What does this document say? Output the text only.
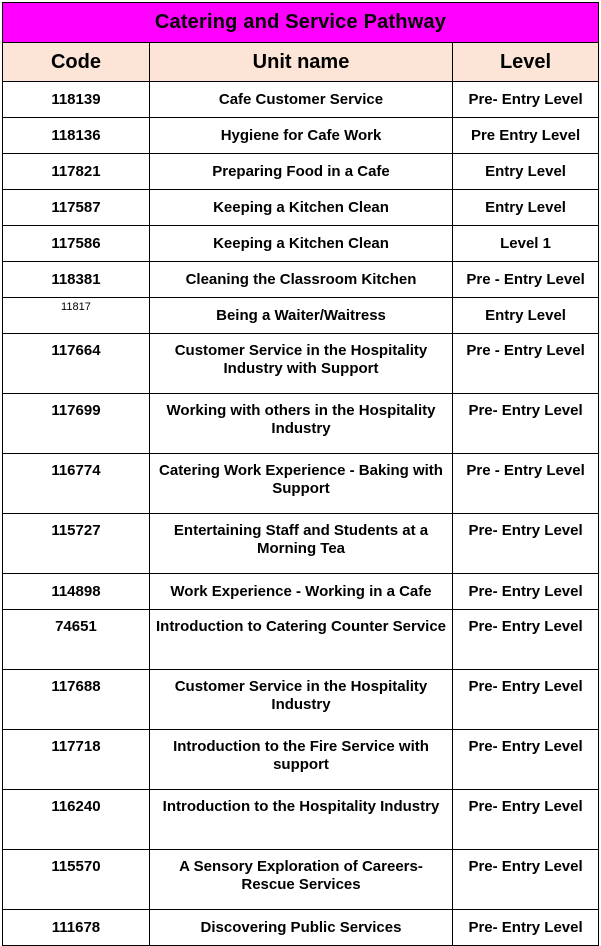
Catering and Service Pathway		
Code	Unit name	Level
118139	Cafe Customer Service	Pre- Entry Level
118136	Hygiene for Cafe Work	Pre Entry Level
117821	Preparing Food in a Cafe	Entry Level
117587	Keeping a Kitchen Clean	Entry Level
117586	Keeping a Kitchen Clean	Level 1
118381	Cleaning the Classroom Kitchen	Pre - Entry Level
11817	Being a Waiter/Waitress	Entry Level
117664	Customer Service in the Hospitality Industry with Support	Pre - Entry Level
117699	Working with others in the Hospitality Industry	Pre- Entry Level
116774	Catering Work Experience - Baking with Support	Pre - Entry Level
115727	Entertaining Staff and Students at a Morning Tea	Pre- Entry Level
114898	Work Experience - Working in a Cafe	Pre- Entry Level
74651	Introduction to Catering Counter Service	Pre- Entry Level
117688	Customer Service in the Hospitality Industry	Pre- Entry Level
117718	Introduction to the Fire Service with support	Pre- Entry Level
116240	Introduction to the Hospitality Industry	Pre- Entry Level
115570	A Sensory Exploration of Careers- Rescue Services	Pre- Entry Level
111678	Discovering Public Services	Pre- Entry Level
